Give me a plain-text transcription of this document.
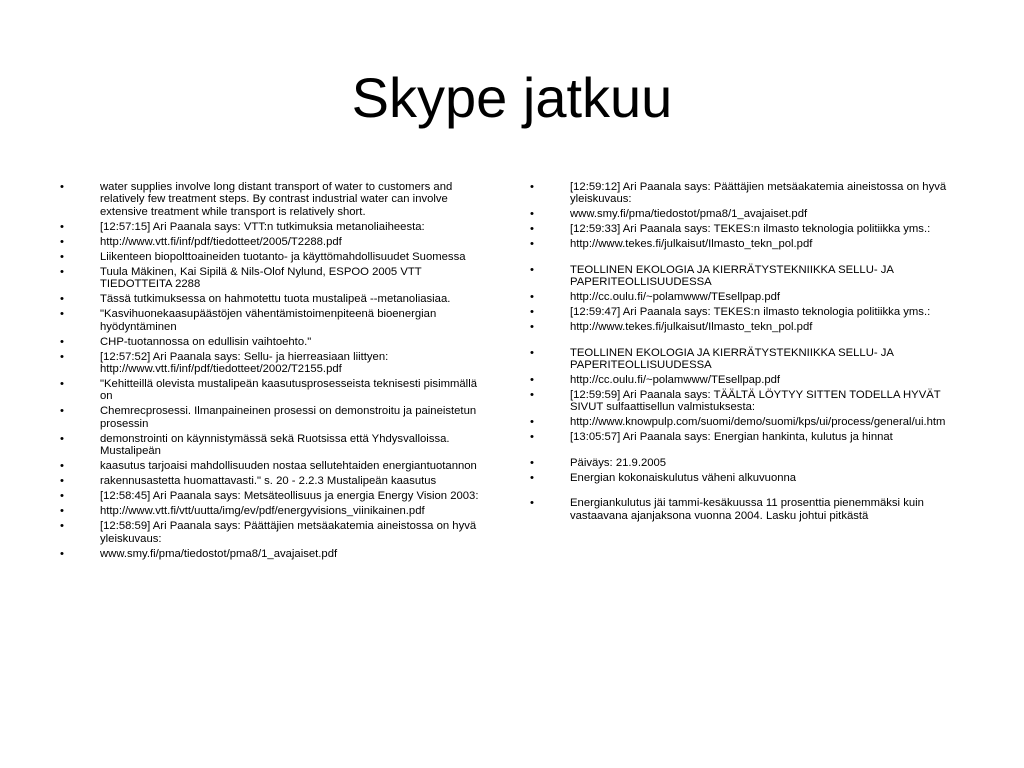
Skype jatkuu
•	water supplies involve long distant transport of water to customers and relatively few treatment steps. By contrast industrial water can involve extensive treatment while transport is relatively short.
•	[12:57:15] Ari Paanala says: VTT:n tutkimuksia metanoliaiheesta:
•	http://www.vtt.fi/inf/pdf/tiedotteet/2005/T2288.pdf
•	Liikenteen biopolttoaineiden tuotanto- ja käyttömahdollisuudet Suomessa
•	Tuula Mäkinen, Kai Sipilä & Nils-Olof Nylund, ESPOO 2005 VTT TIEDOTTEITA 2288
•	Tässä tutkimuksessa on hahmotettu tuota mustalipeä --metanoliasiaa.
•	"Kasvihuonekaasupäästöjen vähentämistoimenpiteenä bioenergian hyödyntäminen
•	CHP-tuotannossa on edullisin vaihtoehto."
•	[12:57:52] Ari Paanala says: Sellu- ja hierreasiaan liittyen: http://www.vtt.fi/inf/pdf/tiedotteet/2002/T2155.pdf
•	"Kehitteillä olevista mustalipeän kaasutusprosesseista teknisesti pisimmällä on
•	Chemrecprosessi. Ilmanpaineinen prosessi on demonstroitu ja paineistetun prosessin
•	demonstrointi on käynnistymässä sekä Ruotsissa että Yhdysvalloissa. Mustalipeän
•	kaasutus tarjoaisi mahdollisuuden nostaa sellutehtaiden energiantuotannon
•	rakennusastetta huomattavasti." s. 20 - 2.2.3 Mustalipeän kaasutus
•	[12:58:45] Ari Paanala says: Metsäteollisuus ja energia Energy Vision 2003:
•	http://www.vtt.fi/vtt/uutta/img/ev/pdf/energyvisions_viinikainen.pdf
•	[12:58:59] Ari Paanala says: Päättäjien metsäakatemia aineistossa on hyvä yleiskuvaus:
•	www.smy.fi/pma/tiedostot/pma8/1_avajaiset.pdf
•	[12:59:12] Ari Paanala says: Päättäjien metsäakatemia aineistossa on hyvä yleiskuvaus:
•	www.smy.fi/pma/tiedostot/pma8/1_avajaiset.pdf
•	[12:59:33] Ari Paanala says: TEKES:n ilmasto teknologia politiikka yms.:
•	http://www.tekes.fi/julkaisut/Ilmasto_tekn_pol.pdf
•	TEOLLINEN EKOLOGIA JA KIERRÄTYSTEKNIIKKA SELLU- JA PAPERITEOLLISUUDESSA
•	http://cc.oulu.fi/~polamwww/TEsellpap.pdf
•	[12:59:47] Ari Paanala says: TEKES:n ilmasto teknologia politiikka yms.:
•	http://www.tekes.fi/julkaisut/Ilmasto_tekn_pol.pdf
•	TEOLLINEN EKOLOGIA JA KIERRÄTYSTEKNIIKKA SELLU- JA PAPERITEOLLISUUDESSA
•	http://cc.oulu.fi/~polamwww/TEsellpap.pdf
•	[12:59:59] Ari Paanala says: TÄÄLTÄ LÖYTYY SITTEN TODELLA HYVÄT SIVUT sulfaattisellun valmistuksesta:
•	http://www.knowpulp.com/suomi/demo/suomi/kps/ui/process/general/ui.htm
•	[13:05:57] Ari Paanala says: Energian hankinta, kulutus ja hinnat
•	Päiväys: 21.9.2005
•	Energian kokonaiskulutus väheni alkuvuonna
•	Energiankulutus jäi tammi-kesäkuussa 11 prosenttia pienemmäksi kuin vastaavana ajanjaksona vuonna 2004. Lasku johtui pitkästä
